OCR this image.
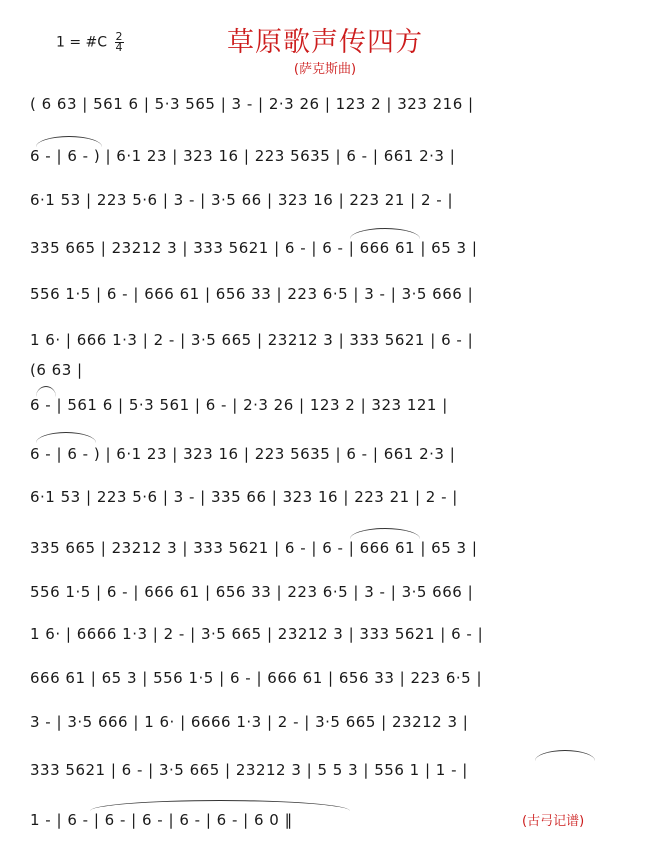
1 = #C $\frac{2}{4}$	草原歌声传四方
(萨克斯曲)
( 6 63 | 561 6 | 5·3 565 | 3 - | 2·3 26 | 123 2 | 323 216 |
6 - | 6 - ) | 6·1 23 | 323 16 | 223 5635 | 6 - | 661 2·3 |
6·1 53 | 223 5·6 | 3 - | 3·5 66 | 323 16 | 223 21 | 2 - |
335 665 | 23212 3 | 333 5621 | 6 - | 6 - | 666 61 | 65 3 |
556 1·5 | 6 - | 666 61 | 656 33 | 223 6·5 | 3 - | 3·5 666 |
1 6· | 666 1·3 | 2 - | 3·5 665 | 23212 3 | 333 5621 | 6 - |
(6 63 |
6 - | 561 6 | 5·3 561 | 6 - | 2·3 26 | 123 2 | 323 121 |
6 - | 6 - ) | 6·1 23 | 323 16 | 223 5635 | 6 - | 661 2·3 |
6·1 53 | 223 5·6 | 3 - | 335 66 | 323 16 | 223 21 | 2 - |
335 665 | 23212 3 | 333 5621 | 6 - | 6 - | 666 61 | 65 3 |
556 1·5 | 6 - | 666 61 | 656 33 | 223 6·5 | 3 - | 3·5 666 |
1 6· | 6666 1·3 | 2 - | 3·5 665 | 23212 3 | 333 5621 | 6 - |
666 61 | 65 3 | 556 1·5 | 6 - | 666 61 | 656 33 | 223 6·5 |
3 - | 3·5 666 | 1 6· | 6666 1·3 | 2 - | 3·5 665 | 23212 3 |
333 5621 | 6 - | 3·5 665 | 23212 3 | 5 5 3 | 556 1 | 1 - |
1 - | 6 - | 6 - | 6 - | 6 - | 6 - | 6 0 ‖	(古弓记谱)
